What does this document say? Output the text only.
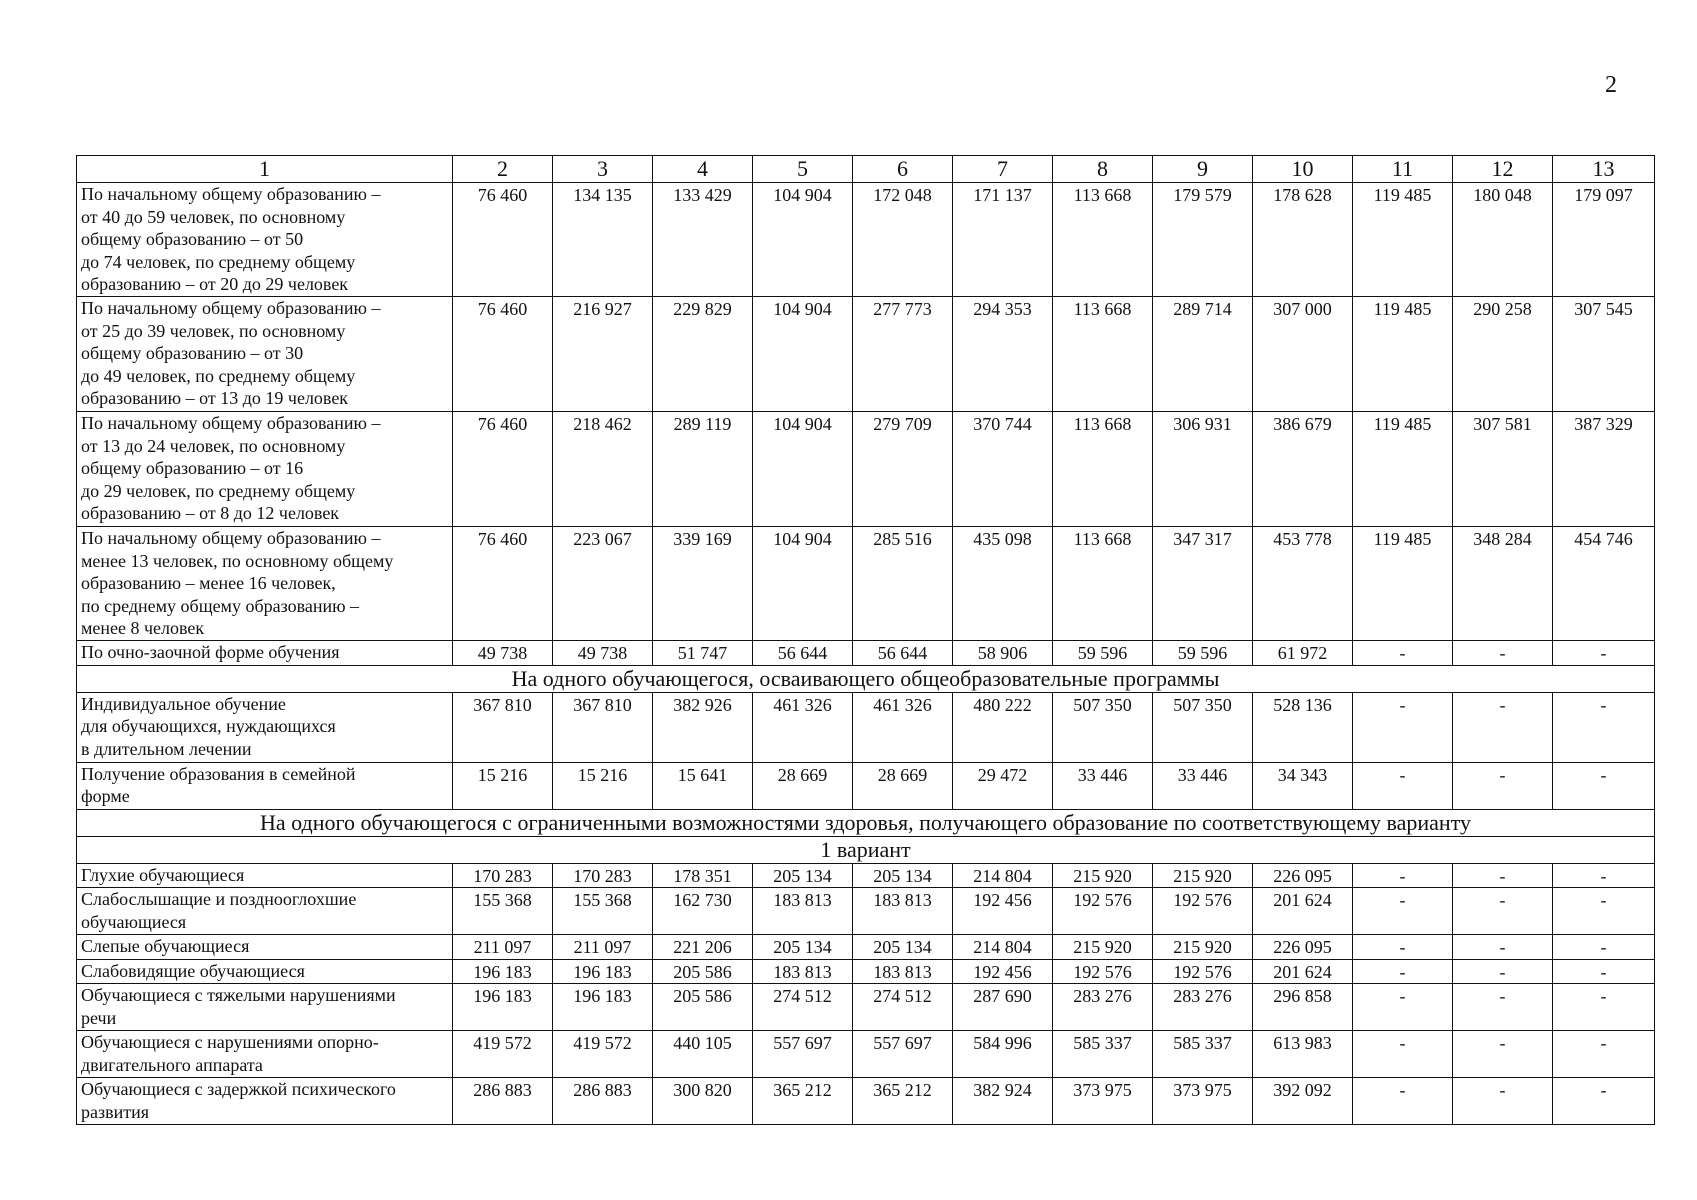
2
1	2	3	4	5	6	7	8	9	10	11	12	13

По начальному общему образованию –
от 40 до 59 человек, по основному
общему образованию – от 50
до 74 человек, по среднему общему
образованию – от 20 до 29 человек	76 460	134 135	133 429	104 904	172 048	171 137	113 668	179 579	178 628	119 485	180 048	179 097

По начальному общему образованию –
от 25 до 39 человек, по основному
общему образованию – от 30
до 49 человек, по среднему общему
образованию – от 13 до 19 человек	76 460	216 927	229 829	104 904	277 773	294 353	113 668	289 714	307 000	119 485	290 258	307 545

По начальному общему образованию –
от 13 до 24 человек, по основному
общему образованию – от 16
до 29 человек, по среднему общему
образованию – от 8 до 12 человек	76 460	218 462	289 119	104 904	279 709	370 744	113 668	306 931	386 679	119 485	307 581	387 329

По начальному общему образованию –
менее 13 человек, по основному общему
образованию – менее 16 человек,
по среднему общему образованию –
менее 8 человек	76 460	223 067	339 169	104 904	285 516	435 098	113 668	347 317	453 778	119 485	348 284	454 746

По очно-заочной форме обучения	49 738	49 738	51 747	56 644	56 644	58 906	59 596	59 596	61 972	-	-	-
На одного обучающегося, осваивающего общеобразовательные программы												

Индивидуальное обучение
для обучающихся, нуждающихся
в длительном лечении	367 810	367 810	382 926	461 326	461 326	480 222	507 350	507 350	528 136	-	-	-

Получение образования в семейной
форме	15 216	15 216	15 641	28 669	28 669	29 472	33 446	33 446	34 343	-	-	-
На одного обучающегося с ограниченными возможностями здоровья, получающего образование по соответствующему варианту												
1 вариант												

Глухие обучающиеся	170 283	170 283	178 351	205 134	205 134	214 804	215 920	215 920	226 095	-	-	-

Слабослышащие и позднооглохшие
обучающиеся	155 368	155 368	162 730	183 813	183 813	192 456	192 576	192 576	201 624	-	-	-

Слепые обучающиеся	211 097	211 097	221 206	205 134	205 134	214 804	215 920	215 920	226 095	-	-	-

Слабовидящие обучающиеся	196 183	196 183	205 586	183 813	183 813	192 456	192 576	192 576	201 624	-	-	-

Обучающиеся с тяжелыми нарушениями
речи	196 183	196 183	205 586	274 512	274 512	287 690	283 276	283 276	296 858	-	-	-

Обучающиеся с нарушениями опорно-
двигательного аппарата	419 572	419 572	440 105	557 697	557 697	584 996	585 337	585 337	613 983	-	-	-

Обучающиеся с задержкой психического
развития	286 883	286 883	300 820	365 212	365 212	382 924	373 975	373 975	392 092	-	-	-
